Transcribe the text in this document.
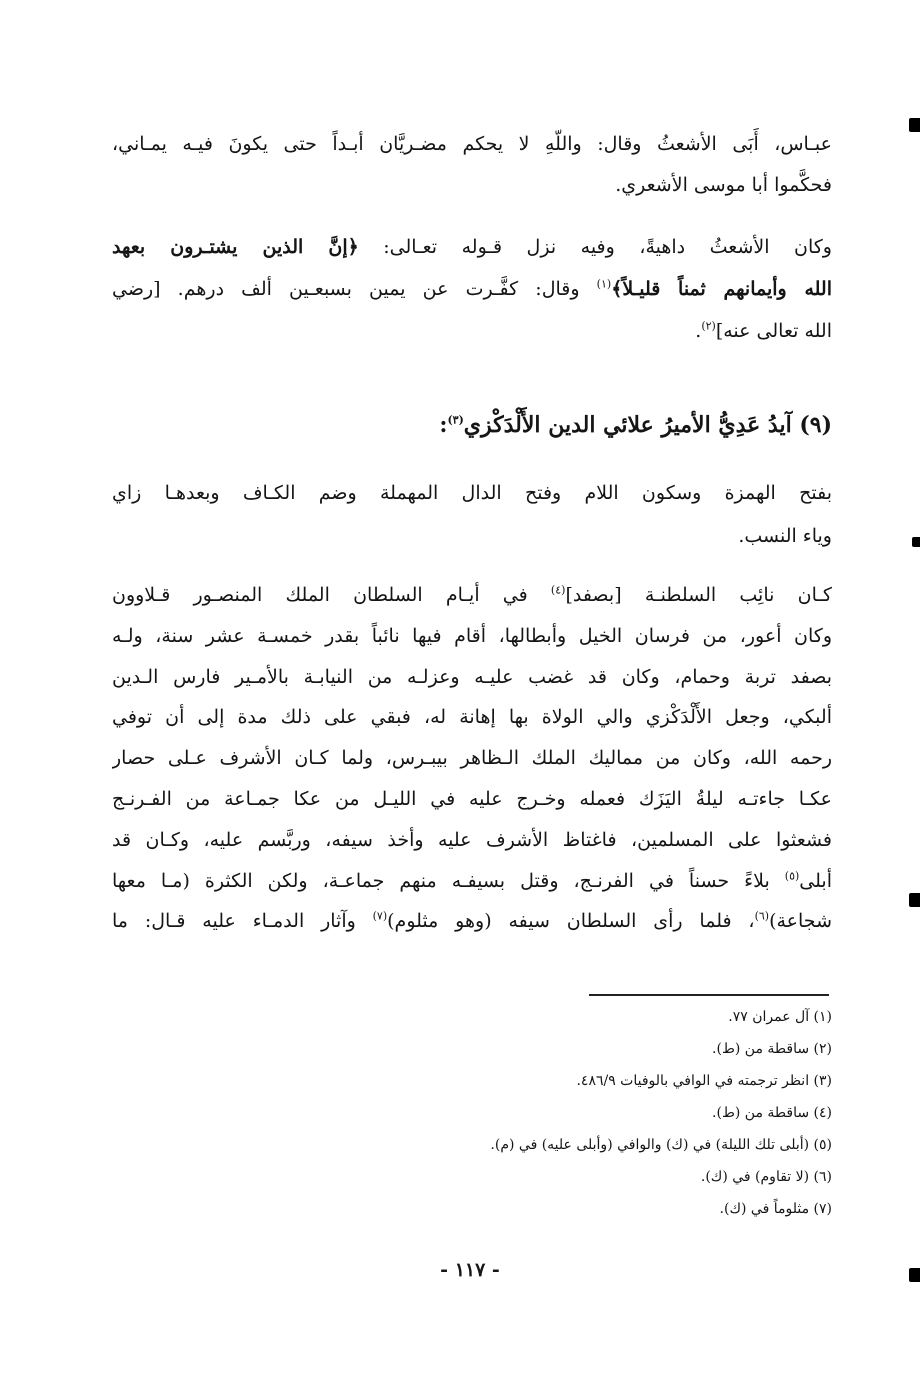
عبـاس، أَبَى الأشعثُ وقال: واللّهِ لا يحكم مضـريَّان أبـداً حتى يكونَ فيـه يمـاني،
فحكَّموا أبا موسى الأشعري.
وكان الأشعثُ داهيةً، وفيه نزل قـوله تعـالى: ﴿إنَّ الذين يشتـرون بعهد
الله وأيمانهم ثمناً قليـلاً﴾$^{(١)}$ وقال: كفَّـرت عن يمين بسبعـين ألف درهم. [رضي
الله تعالى عنه]$^{(٢)}$.
(٩) آيدُ عَدِيُّ الأميرُ علائي الدين الأَلْدَكْزي$^{(٣)}$:
بفتح الهمزة وسكون اللام وفتح الدال المهملة وضم الكـاف وبعدهـا زاي
وياء النسب.
كـان نائِب السلطنـة [بصفد]$^{(٤)}$ في أيـام السلطان الملك المنصـور قـلاوون
وكان أعور، من فرسان الخيل وأبطالها، أقام فيها نائباً بقدر خمسـة عشر سنة، ولـه
بصفد تربة وحمام، وكان قد غضب عليـه وعزلـه من النيابـة بالأمـير فارس الـدين
ألبكي، وجعل الأَلْدَكْزي والي الولاة بها إهانة له، فبقي على ذلك مدة إلى أن توفي
رحمه الله، وكان من مماليك الملك الـظاهر بيبـرس، ولما كـان الأشرف عـلى حصار
عكـا جاءتـه ليلةُ اليَزَك فعمله وخـرج عليه في الليـل من عكا جمـاعة من الفـرنـج
فشعثوا على المسلمين، فاغتاظ الأشرف عليه وأخذ سيفه، وربَّسم عليه، وكـان قد
أبلى$^{(٥)}$ بلاءً حسناً في الفرنـج، وقتل بسيفـه منهم جماعـة، ولكن الكثرة (مـا معها
شجاعة)$^{(٦)}$، فلما رأى السلطان سيفه (وهو مثلوم)$^{(٧)}$ وآثار الدمـاء عليه قـال: ما
(١) آل عمران ٧٧.
(٢) ساقطة من (ط).
(٣) انظر ترجمته في الوافي بالوفيات ٤٨٦/٩.
(٤) ساقطة من (ط).
(٥) (أبلى تلك الليلة) في (ك) والوافي (وأبلى عليه) في (م).
(٦) (لا تقاوم) في (ك).
(٧) مثلوماً في (ك).
- ١١٧ -
